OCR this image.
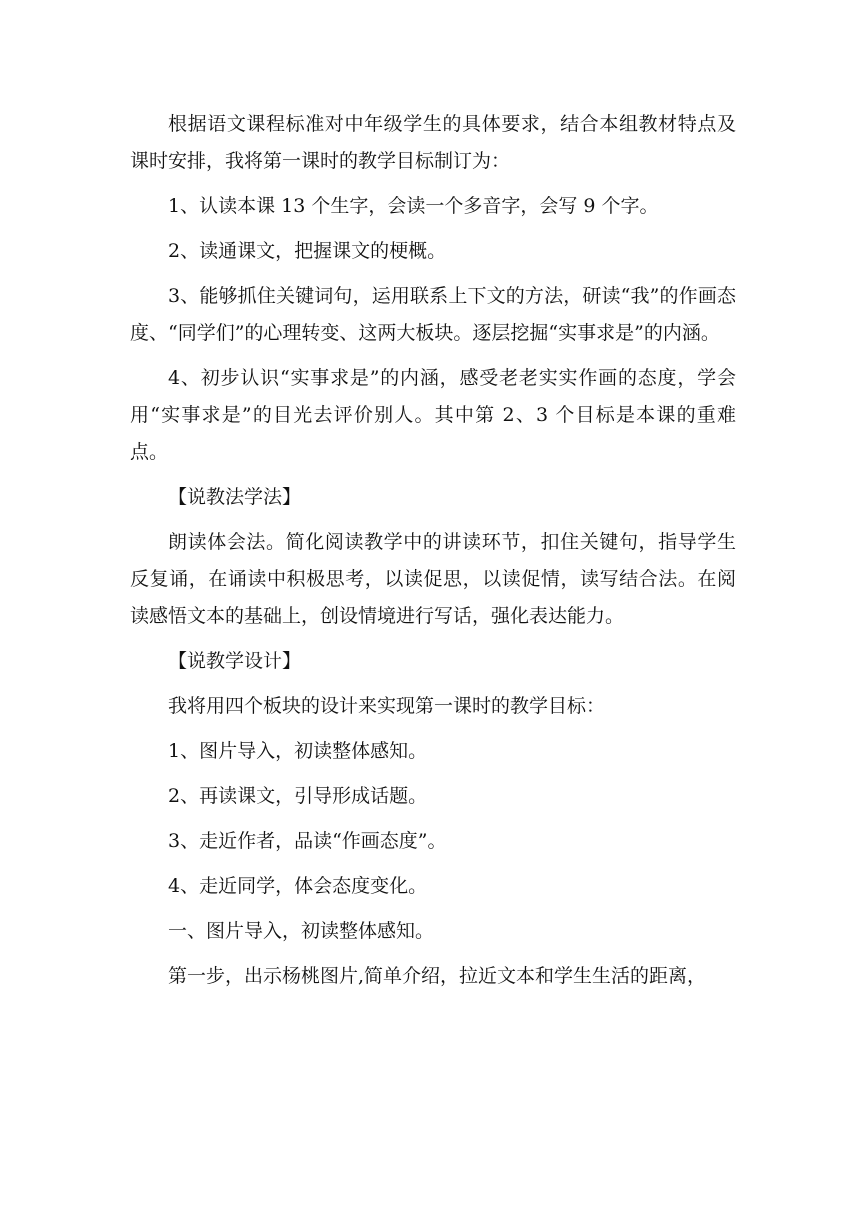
根据语文课程标准对中年级学生的具体要求，结合本组教材特点及课时安排，我将第一课时的教学目标制订为：

1、认读本课 13 个生字，会读一个多音字，会写 9 个字。

2、读通课文，把握课文的梗概。

3、能够抓住关键词句，运用联系上下文的方法，研读“我”的作画态度、“同学们”的心理转变、这两大板块。逐层挖掘“实事求是”的内涵。

4、初步认识“实事求是”的内涵，感受老老实实作画的态度，学会用“实事求是”的目光去评价别人。其中第 2、3 个目标是本课的重难点。

【说教法学法】

朗读体会法。简化阅读教学中的讲读环节，扣住关键句，指导学生反复诵，在诵读中积极思考，以读促思，以读促情，读写结合法。在阅读感悟文本的基础上，创设情境进行写话，强化表达能力。

【说教学设计】

我将用四个板块的设计来实现第一课时的教学目标：

1、图片导入，初读整体感知。

2、再读课文，引导形成话题。

3、走近作者，品读“作画态度”。

4、走近同学，体会态度变化。

一、图片导入，初读整体感知。

第一步，出示杨桃图片,简单介绍，拉近文本和学生生活的距离，
